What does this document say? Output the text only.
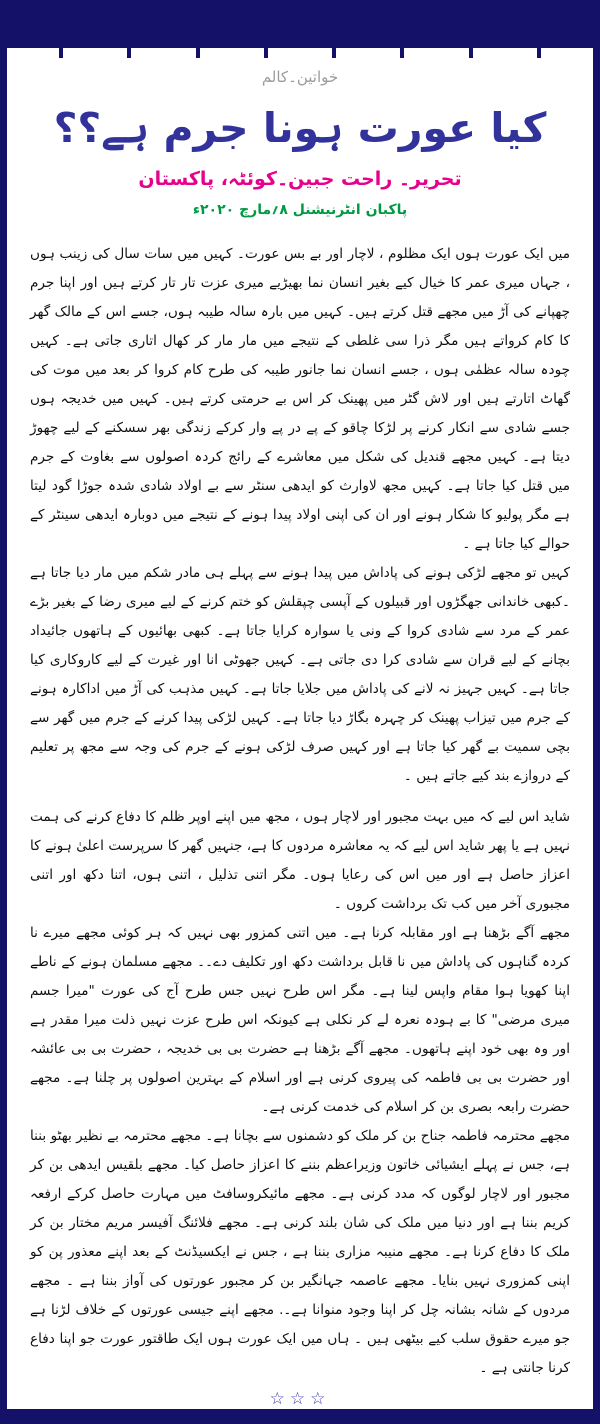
خواتین۔کالم
کیا عورت ہونا جرم ہے؟؟
تحریر۔ راحت جبین۔کوئٹہ، پاکستان
پاکبان انٹرنیشنل ۸؍مارچ ۲۰۲۰ء

میں ایک عورت ہوں ایک مظلوم ، لاچار اور بے بس عورت۔ کہیں میں سات سال کی زینب ہوں ، جہاں میری عمر کا خیال کیے بغیر انسان نما بھیڑیے میری عزت تار تار کرتے ہیں اور اپنا جرم چھپانے کی آڑ میں مجھے قتل کرتے ہیں۔ کہیں میں بارہ سالہ طیبہ ہوں، جسے اس کے مالک گھر کا کام کرواتے ہیں مگر ذرا سی غلطی کے نتیجے میں مار مار کر کھال اتاری جاتی ہے۔ کہیں چودہ سالہ عظمٰی ہوں ، جسے انسان نما جانور طیبہ کی طرح کام کروا کر بعد میں موت کی گھاٹ اتارتے ہیں اور لاش گٹر میں پھینک کر اس بے حرمتی کرتے ہیں۔ کہیں میں خدیجہ ہوں جسے شادی سے انکار کرنے پر لڑکا چاقو کے پے در پے وار کرکے زندگی بھر سسکنے کے لیے چھوڑ دیتا ہے۔ کہیں مجھے قندیل کی شکل میں معاشرے کے رائج کردہ اصولوں سے بغاوت کے جرم میں قتل کیا جاتا ہے۔ کہیں مجھ لاوارث کو ایدھی سنٹر سے بے اولاد شادی شدہ جوڑا گود لیتا ہے مگر پولیو کا شکار ہونے اور ان کی اپنی اولاد پیدا ہونے کے نتیجے میں دوبارہ ایدھی سینٹر کے حوالے کیا جاتا ہے ۔

کہیں تو مجھے لڑکی ہونے کی پاداش میں پیدا ہونے سے پہلے ہی مادر شکم میں مار دیا جاتا ہے ۔کبھی خاندانی جھگڑوں اور قبیلوں کے آپسی چپقلش کو ختم کرنے کے لیے میری رضا کے بغیر بڑے عمر کے مرد سے شادی کروا کے ونی یا سوارہ کرایا جاتا ہے۔ کبھی بھائیوں کے ہاتھوں جائیداد بچانے کے لیے قران سے شادی کرا دی جاتی ہے۔ کہیں جھوٹی انا اور غیرت کے لیے کاروکاری کیا جاتا ہے۔ کہیں جہیز نہ لانے کی پاداش میں جلایا جاتا ہے۔ کہیں مذہب کی آڑ میں اداکارہ ہونے کے جرم میں تیزاب پھینک کر چہرہ بگاڑ دیا جاتا ہے۔ کہیں لڑکی پیدا کرنے کے جرم میں گھر سے بچی سمیت بے گھر کیا جاتا ہے اور کہیں صرف لڑکی ہونے کے جرم کی وجہ سے مجھ پر تعلیم کے دروازے بند کیے جاتے ہیں ۔

شاید اس لیے کہ میں بہت مجبور اور لاچار ہوں ، مجھ میں اپنے اوپر ظلم کا دفاع کرنے کی ہمت نہیں ہے یا پھر شاید اس لیے کہ یہ معاشرہ مردوں کا ہے، جنہیں گھر کا سرپرست اعلیٰ ہونے کا اعزاز حاصل ہے اور میں اس کی رعایا ہوں۔ مگر اتنی تذلیل ، اتنی ہوں، اتنا دکھ اور اتنی مجبوری آخر میں کب تک برداشت کروں ۔

مجھے آگے بڑھنا ہے اور مقابلہ کرنا ہے۔ میں اتنی کمزور بھی نہیں کہ ہر کوئی مجھے میرے نا کردہ گناہوں کی پاداش میں نا قابل برداشت دکھ اور تکلیف دے۔۔ مجھے مسلمان ہونے کے ناطے اپنا کھویا ہوا مقام واپس لینا ہے۔ مگر اس طرح نہیں جس طرح آج کی عورت "میرا جسم میری مرضی" کا بے ہودہ نعرہ لے کر نکلی ہے کیونکہ اس طرح عزت نہیں ذلت میرا مقدر ہے اور وہ بھی خود اپنے ہاتھوں۔ مجھے آگے بڑھنا ہے حضرت بی بی خدیجہ ، حضرت بی بی عائشہ اور حضرت بی بی فاطمہ کی پیروی کرنی ہے اور اسلام کے بہترین اصولوں پر چلنا ہے۔ مجھے حضرت رابعہ بصری بن کر اسلام کی خدمت کرنی ہے۔

مجھے محترمہ فاطمہ جناح بن کر ملک کو دشمنوں سے بچانا ہے۔ مجھے محترمہ بے نظیر بھٹو بننا ہے، جس نے پہلے ایشیائی خاتون وزیراعظم بننے کا اعزاز حاصل کیا۔ مجھے بلقیس ایدھی بن کر مجبور اور لاچار لوگوں کہ مدد کرنی ہے۔ مجھے مائیکروسافٹ میں مہارت حاصل کرکے ارفعہ کریم بننا ہے اور دنیا میں ملک کی شان بلند کرنی ہے۔ مجھے فلائنگ آفیسر مریم مختار بن کر ملک کا دفاع کرنا ہے۔ مجھے منیبہ مزاری بننا ہے ، جس نے ایکسیڈنٹ کے بعد اپنے معذور پن کو اپنی کمزوری نہیں بنایا۔ مجھے عاصمہ جہانگیر بن کر مجبور عورتوں کی آواز بننا ہے ۔ مجھے مردوں کے شانہ بشانہ چل کر اپنا وجود منوانا ہے۔. مجھے اپنے جیسی عورتوں کے خلاف لڑنا ہے جو میرے حقوق سلب کیے بیٹھی ہیں ۔ ہاں میں ایک عورت ہوں ایک طاقتور عورت جو اپنا دفاع کرنا جانتی ہے ۔

☆☆☆
